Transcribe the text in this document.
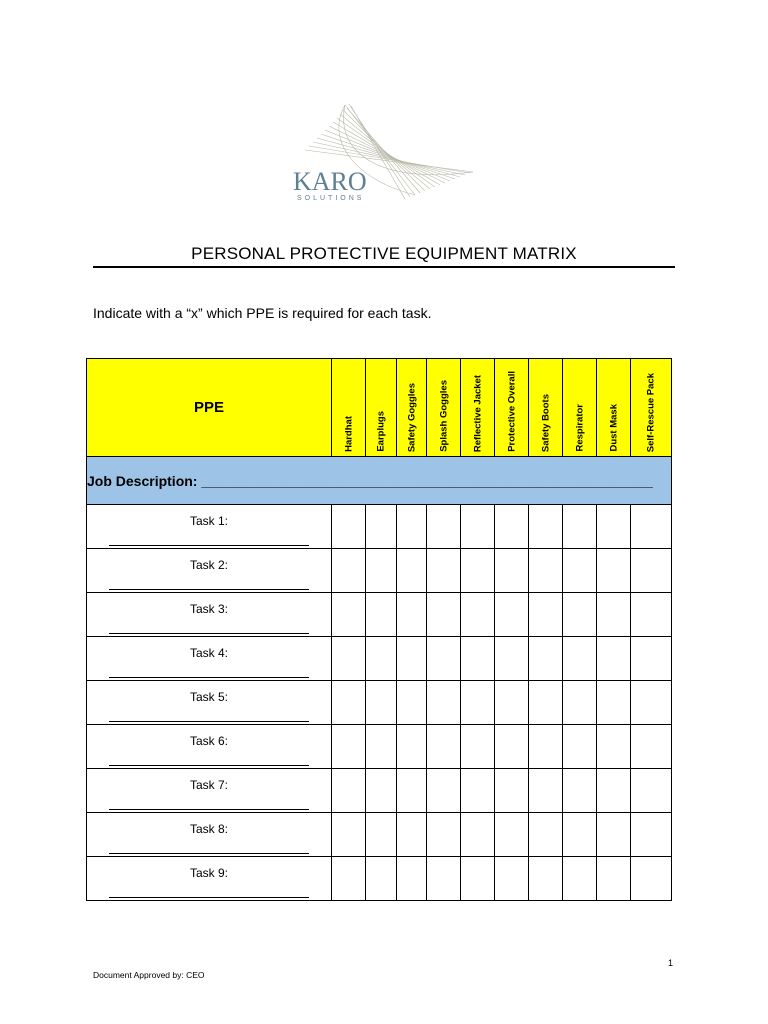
KARO
SOLUTIONS
PERSONAL PROTECTIVE EQUIPMENT MATRIX
Indicate with a “x” which PPE is required for each task.
PPE	Hardhat	Earplugs	Safety Goggles	Splash Goggles	Reflective Jacket	Protective Overall	Safety Boots	Respirator	Dust Mask	Self-Rescue Pack

Job Description: __________________________________________________________										

Task 1:										

Task 2:										

Task 3:										

Task 4:										

Task 5:										

Task 6:										

Task 7:										

Task 8:										

Task 9:										

1
Document Approved by: CEO
